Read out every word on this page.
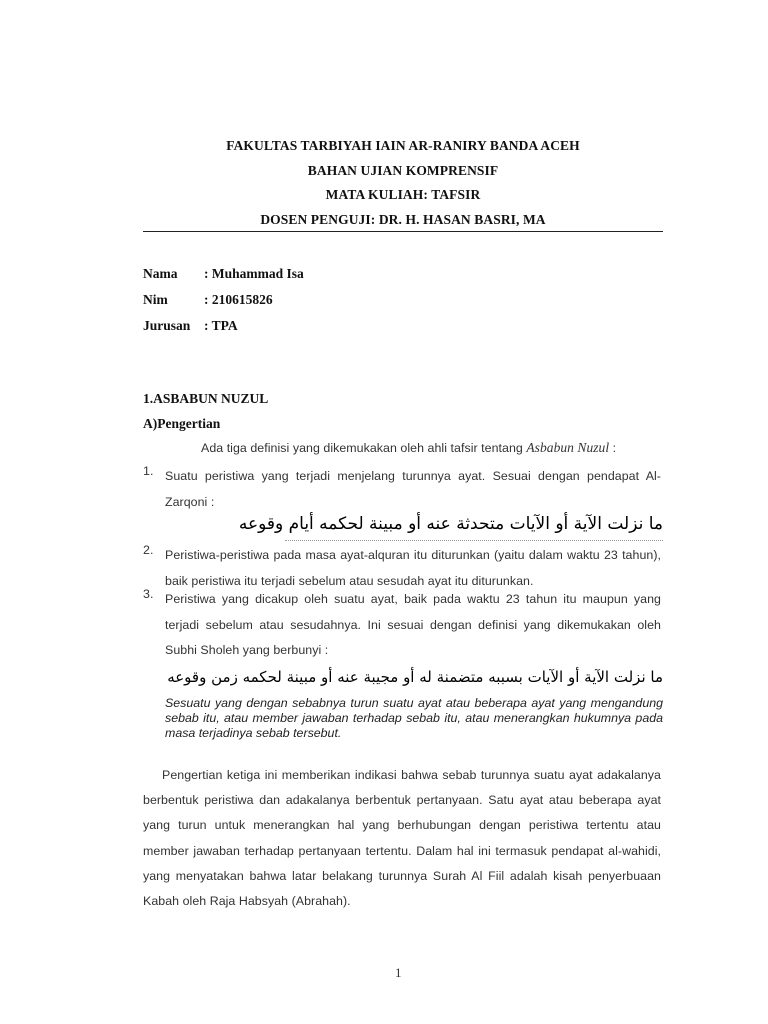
FAKULTAS TARBIYAH IAIN AR-RANIRY BANDA ACEH
BAHAN UJIAN KOMPRENSIF
MATA KULIAH: TAFSIR
DOSEN PENGUJI: DR. H. HASAN BASRI, MA
Nama : Muhammad Isa
Nim	: 210615826
Jurusan : TPA
1.ASBABUN NUZUL
A)Pengertian
Ada tiga definisi yang dikemukakan oleh ahli tafsir tentang Asbabun Nuzul :
1. Suatu peristiwa yang terjadi menjelang turunnya ayat. Sesuai dengan pendapat Al-Zarqoni :
ما نزلت الآية أو الآيات متحدثة عنه أو مبينة لحكمه أيام وقوعه
2. Peristiwa-peristiwa pada masa ayat-alquran itu diturunkan (yaitu dalam waktu 23 tahun), baik peristiwa itu terjadi sebelum atau sesudah ayat itu diturunkan.
3. Peristiwa yang dicakup oleh suatu ayat, baik pada waktu 23 tahun itu maupun yang terjadi sebelum atau sesudahnya. Ini sesuai dengan definisi yang dikemukakan oleh Subhi Sholeh yang berbunyi :
ما نزلت الآية أو الآيات بسببه متضمنة له أو مجيبة عنه أو مبينة لحكمه زمن وقوعه
Sesuatu yang dengan sebabnya turun suatu ayat atau beberapa ayat yang mengandung sebab itu, atau member jawaban terhadap sebab itu, atau menerangkan hukumnya pada masa terjadinya sebab tersebut.
Pengertian ketiga ini memberikan indikasi bahwa sebab turunnya suatu ayat adakalanya berbentuk peristiwa dan adakalanya berbentuk pertanyaan. Satu ayat atau beberapa ayat yang turun untuk menerangkan hal yang berhubungan dengan peristiwa tertentu atau member jawaban terhadap pertanyaan tertentu. Dalam hal ini termasuk pendapat al-wahidi, yang menyatakan bahwa latar belakang turunnya Surah Al Fiil adalah kisah penyerbuaan Kabah oleh Raja Habsyah (Abrahah).
1
